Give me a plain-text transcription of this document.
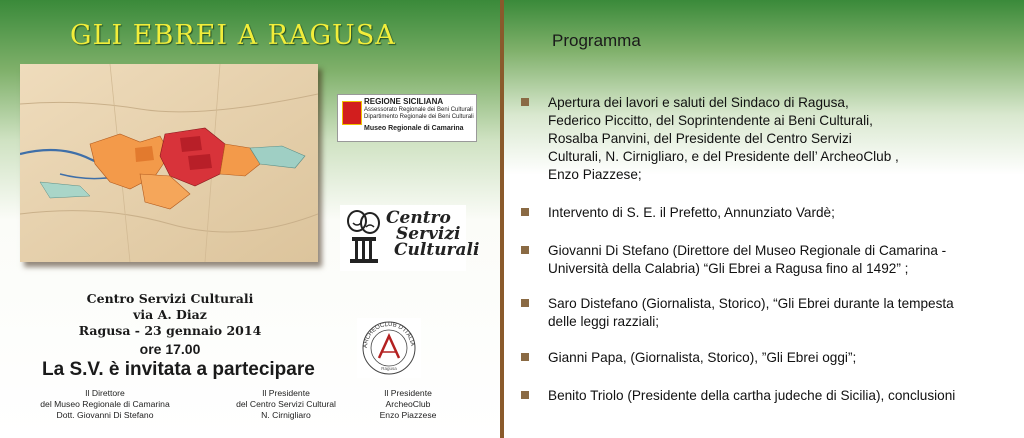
GLI EBREI A RAGUSA
REGIONE SICILIANA
Assessorato Regionale dei Beni Culturali
Dipartimento Regionale dei Beni Culturali
Museo Regionale di Camarina
Centro
Servizi
Culturali
ARCHEOCLUB D'ITALIA
Ragusa
Centro Servizi Culturali
via A. Diaz
Ragusa - 23 gennaio 2014
ore 17.00
La S.V. è invitata a partecipare
Il Direttore
del Museo Regionale di Camarina
Dott. Giovanni Di Stefano
Il Presidente
del Centro Servizi Cultural
N. Cirnigliaro
Il Presidente
ArcheoClub
Enzo Piazzese
Programma
Apertura dei lavori e saluti del Sindaco di Ragusa,
Federico Piccitto, del Soprintendente ai Beni Culturali,
Rosalba Panvini, del Presidente del Centro Servizi
Culturali, N. Cirnigliaro, e del Presidente dell’ ArcheoClub ,
Enzo Piazzese;
Intervento di S. E. il Prefetto, Annunziato Vardè;
Giovanni Di Stefano (Direttore del Museo Regionale di Camarina -
Università della Calabria) “Gli Ebrei a Ragusa fino al 1492” ;
Saro Distefano (Giornalista, Storico), “Gli Ebrei durante la tempesta
delle leggi razziali;
Gianni Papa, (Giornalista, Storico), ”Gli Ebrei oggi”;
Benito Triolo (Presidente della cartha judeche di Sicilia), conclusioni
